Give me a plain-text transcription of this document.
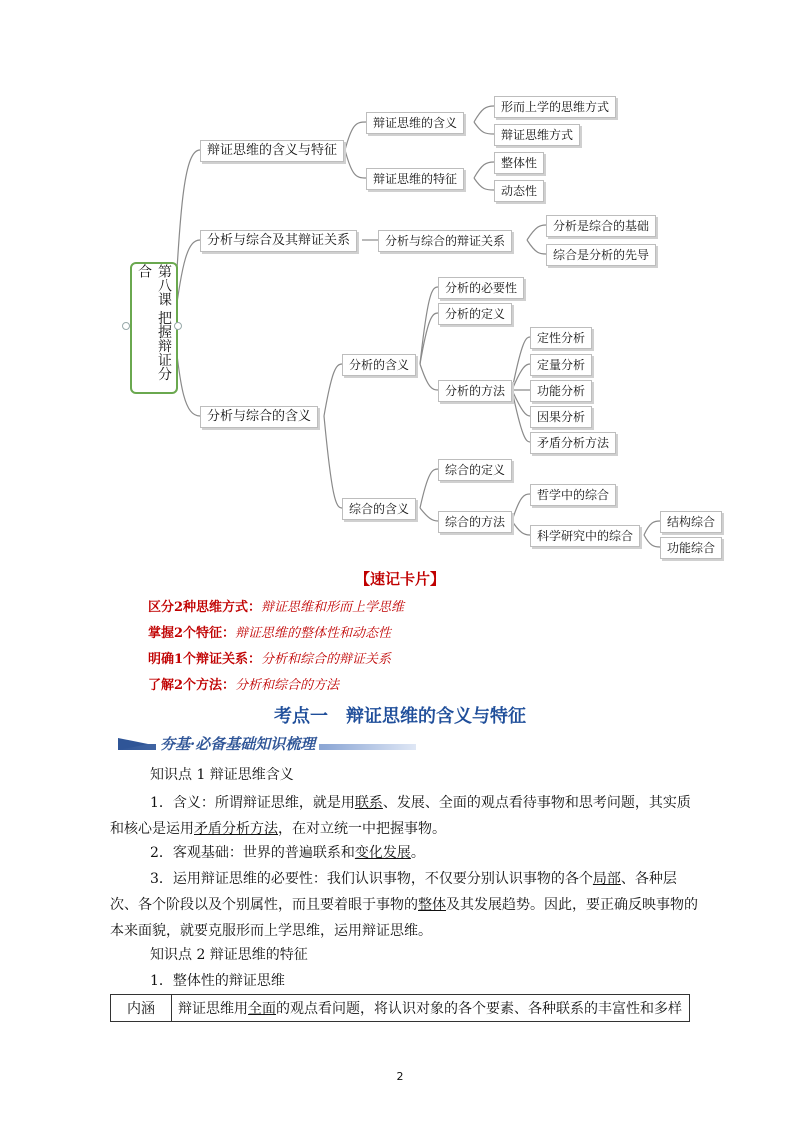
第八课 把握辩证分合
辩证思维的含义与特征
分析与综合及其辩证关系
分析与综合的含义
辩证思维的含义
辩证思维的特征
形而上学的思维方式
辩证思维方式
整体性
动态性
分析与综合的辩证关系
分析是综合的基础
综合是分析的先导
分析的含义
综合的含义
分析的必要性
分析的定义
分析的方法
定性分析
定量分析
功能分析
因果分析
矛盾分析方法
综合的定义
综合的方法
哲学中的综合
科学研究中的综合
结构综合
功能综合
【速记卡片】
区分2种思维方式：辩证思维和形而上学思维
掌握2个特征：辩证思维的整体性和动态性
明确1个辩证关系：分析和综合的辩证关系
了解2个方法：分析和综合的方法
考点一　辩证思维的含义与特征
夯基·必备基础知识梳理
知识点 1 辩证思维含义
1．含义：所谓辩证思维，就是用联系、发展、全面的观点看待事物和思考问题，其实质和核心是运用矛盾分析方法，在对立统一中把握事物。
2．客观基础：世界的普遍联系和变化发展。
3．运用辩证思维的必要性：我们认识事物，不仅要分别认识事物的各个局部、各种层次、各个阶段以及个别属性，而且要着眼于事物的整体及其发展趋势。因此，要正确反映事物的本来面貌，就要克服形而上学思维，运用辩证思维。
知识点 2 辩证思维的特征
1．整体性的辩证思维
内涵	辩证思维用全面的观点看问题，将认识对象的各个要素、各种联系的丰富性和多样
2
